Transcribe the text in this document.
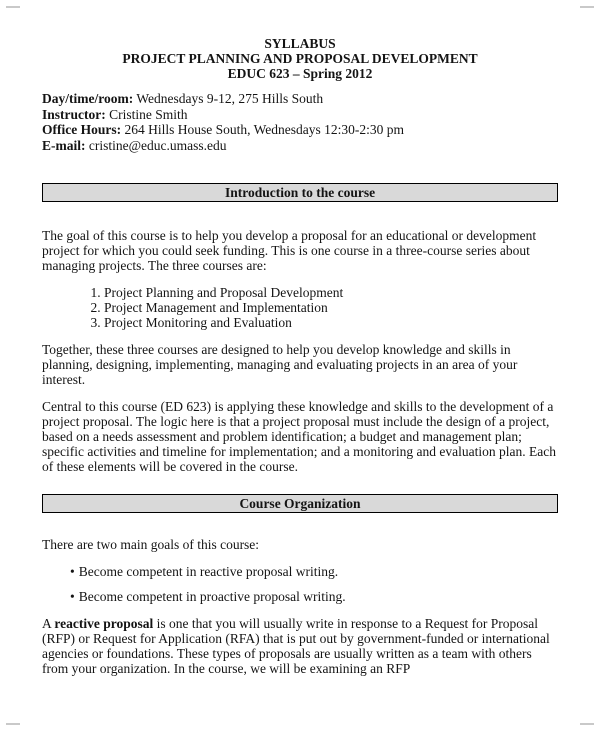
SYLLABUS
PROJECT PLANNING AND PROPOSAL DEVELOPMENT
EDUC 623 – Spring 2012
Day/time/room: Wednesdays 9-12, 275 Hills South
Instructor: Cristine Smith
Office Hours: 264 Hills House South, Wednesdays 12:30-2:30 pm
E-mail: cristine@educ.umass.edu
Introduction to the course

The goal of this course is to help you develop a proposal for an educational or development project for which you could seek funding. This is one course in a three-course series about managing projects. The three courses are:

1. Project Planning and Proposal Development
2. Project Management and Implementation
3. Project Monitoring and Evaluation

Together, these three courses are designed to help you develop knowledge and skills in planning, designing, implementing, managing and evaluating projects in an area of your interest.

Central to this course (ED 623) is applying these knowledge and skills to the development of a project proposal. The logic here is that a project proposal must include the design of a project, based on a needs assessment and problem identification; a budget and management plan; specific activities and timeline for implementation; and a monitoring and evaluation plan. Each of these elements will be covered in the course.

Course Organization

There are two main goals of this course:

• Become competent in reactive proposal writing.
• Become competent in proactive proposal writing.

A reactive proposal is one that you will usually write in response to a Request for Proposal (RFP) or Request for Application (RFA) that is put out by government-funded or international agencies or foundations. These types of proposals are usually written as a team with others from your organization. In the course, we will be examining an RFP
